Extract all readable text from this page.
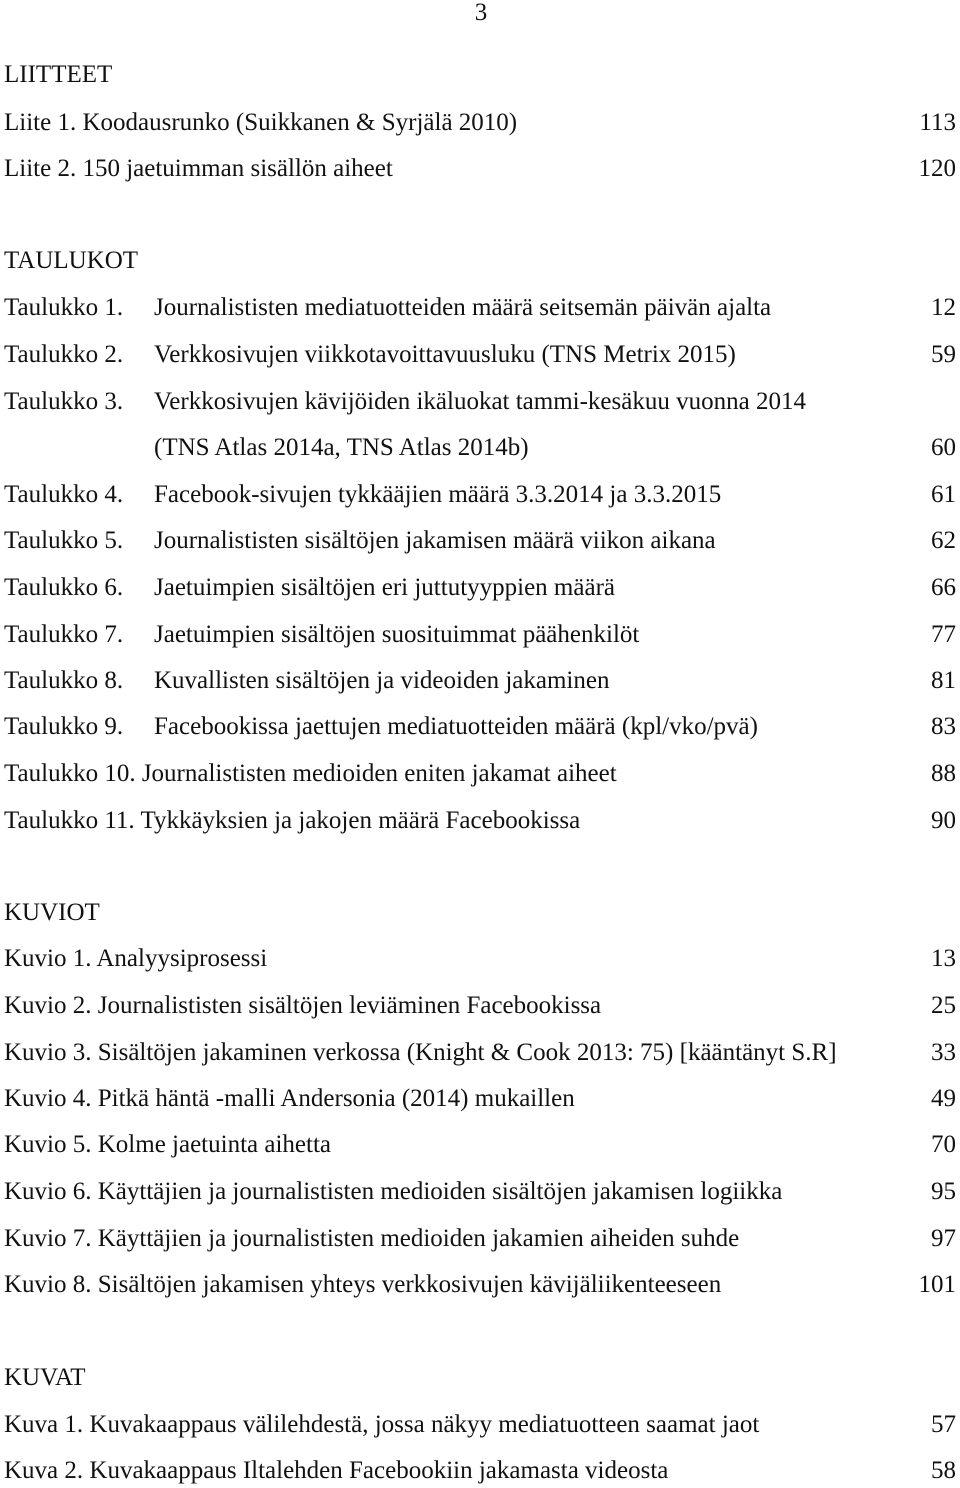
3
LIITTEET
Liite 1. Koodausrunko (Suikkanen & Syrjälä 2010)	113
Liite 2. 150 jaetuimman sisällön aiheet	120
TAULUKOT
Taulukko 1. Journalististen mediatuotteiden määrä seitsemän päivän ajalta	12
Taulukko 2. Verkkosivujen viikkotavoittavuusluku (TNS Metrix 2015)	59
Taulukko 3. Verkkosivujen kävijöiden ikäluokat tammi-kesäkuu vuonna 2014
(TNS Atlas 2014a, TNS Atlas 2014b)	60
Taulukko 4. Facebook-sivujen tykkääjien määrä 3.3.2014 ja 3.3.2015	61
Taulukko 5. Journalististen sisältöjen jakamisen määrä viikon aikana	62
Taulukko 6. Jaetuimpien sisältöjen eri juttutyyppien määrä	66
Taulukko 7. Jaetuimpien sisältöjen suosituimmat päähenkilöt	77
Taulukko 8. Kuvallisten sisältöjen ja videoiden jakaminen	81
Taulukko 9. Facebookissa jaettujen mediatuotteiden määrä (kpl/vko/pvä)	83
Taulukko 10. Journalististen medioiden eniten jakamat aiheet	88
Taulukko 11. Tykkäyksien ja jakojen määrä Facebookissa	90
KUVIOT
Kuvio 1. Analyysiprosessi	13
Kuvio 2. Journalististen sisältöjen leviäminen Facebookissa	25
Kuvio 3. Sisältöjen jakaminen verkossa (Knight & Cook 2013: 75) [kääntänyt S.R]	33
Kuvio 4. Pitkä häntä -malli Andersonia (2014) mukaillen	49
Kuvio 5. Kolme jaetuinta aihetta	70
Kuvio 6. Käyttäjien ja journalististen medioiden sisältöjen jakamisen logiikka	95
Kuvio 7. Käyttäjien ja journalististen medioiden jakamien aiheiden suhde	97
Kuvio 8. Sisältöjen jakamisen yhteys verkkosivujen kävijäliikenteeseen	101
KUVAT
Kuva 1. Kuvakaappaus välilehdestä, jossa näkyy mediatuotteen saamat jaot	57
Kuva 2. Kuvakaappaus Iltalehden Facebookiin jakamasta videosta	58
